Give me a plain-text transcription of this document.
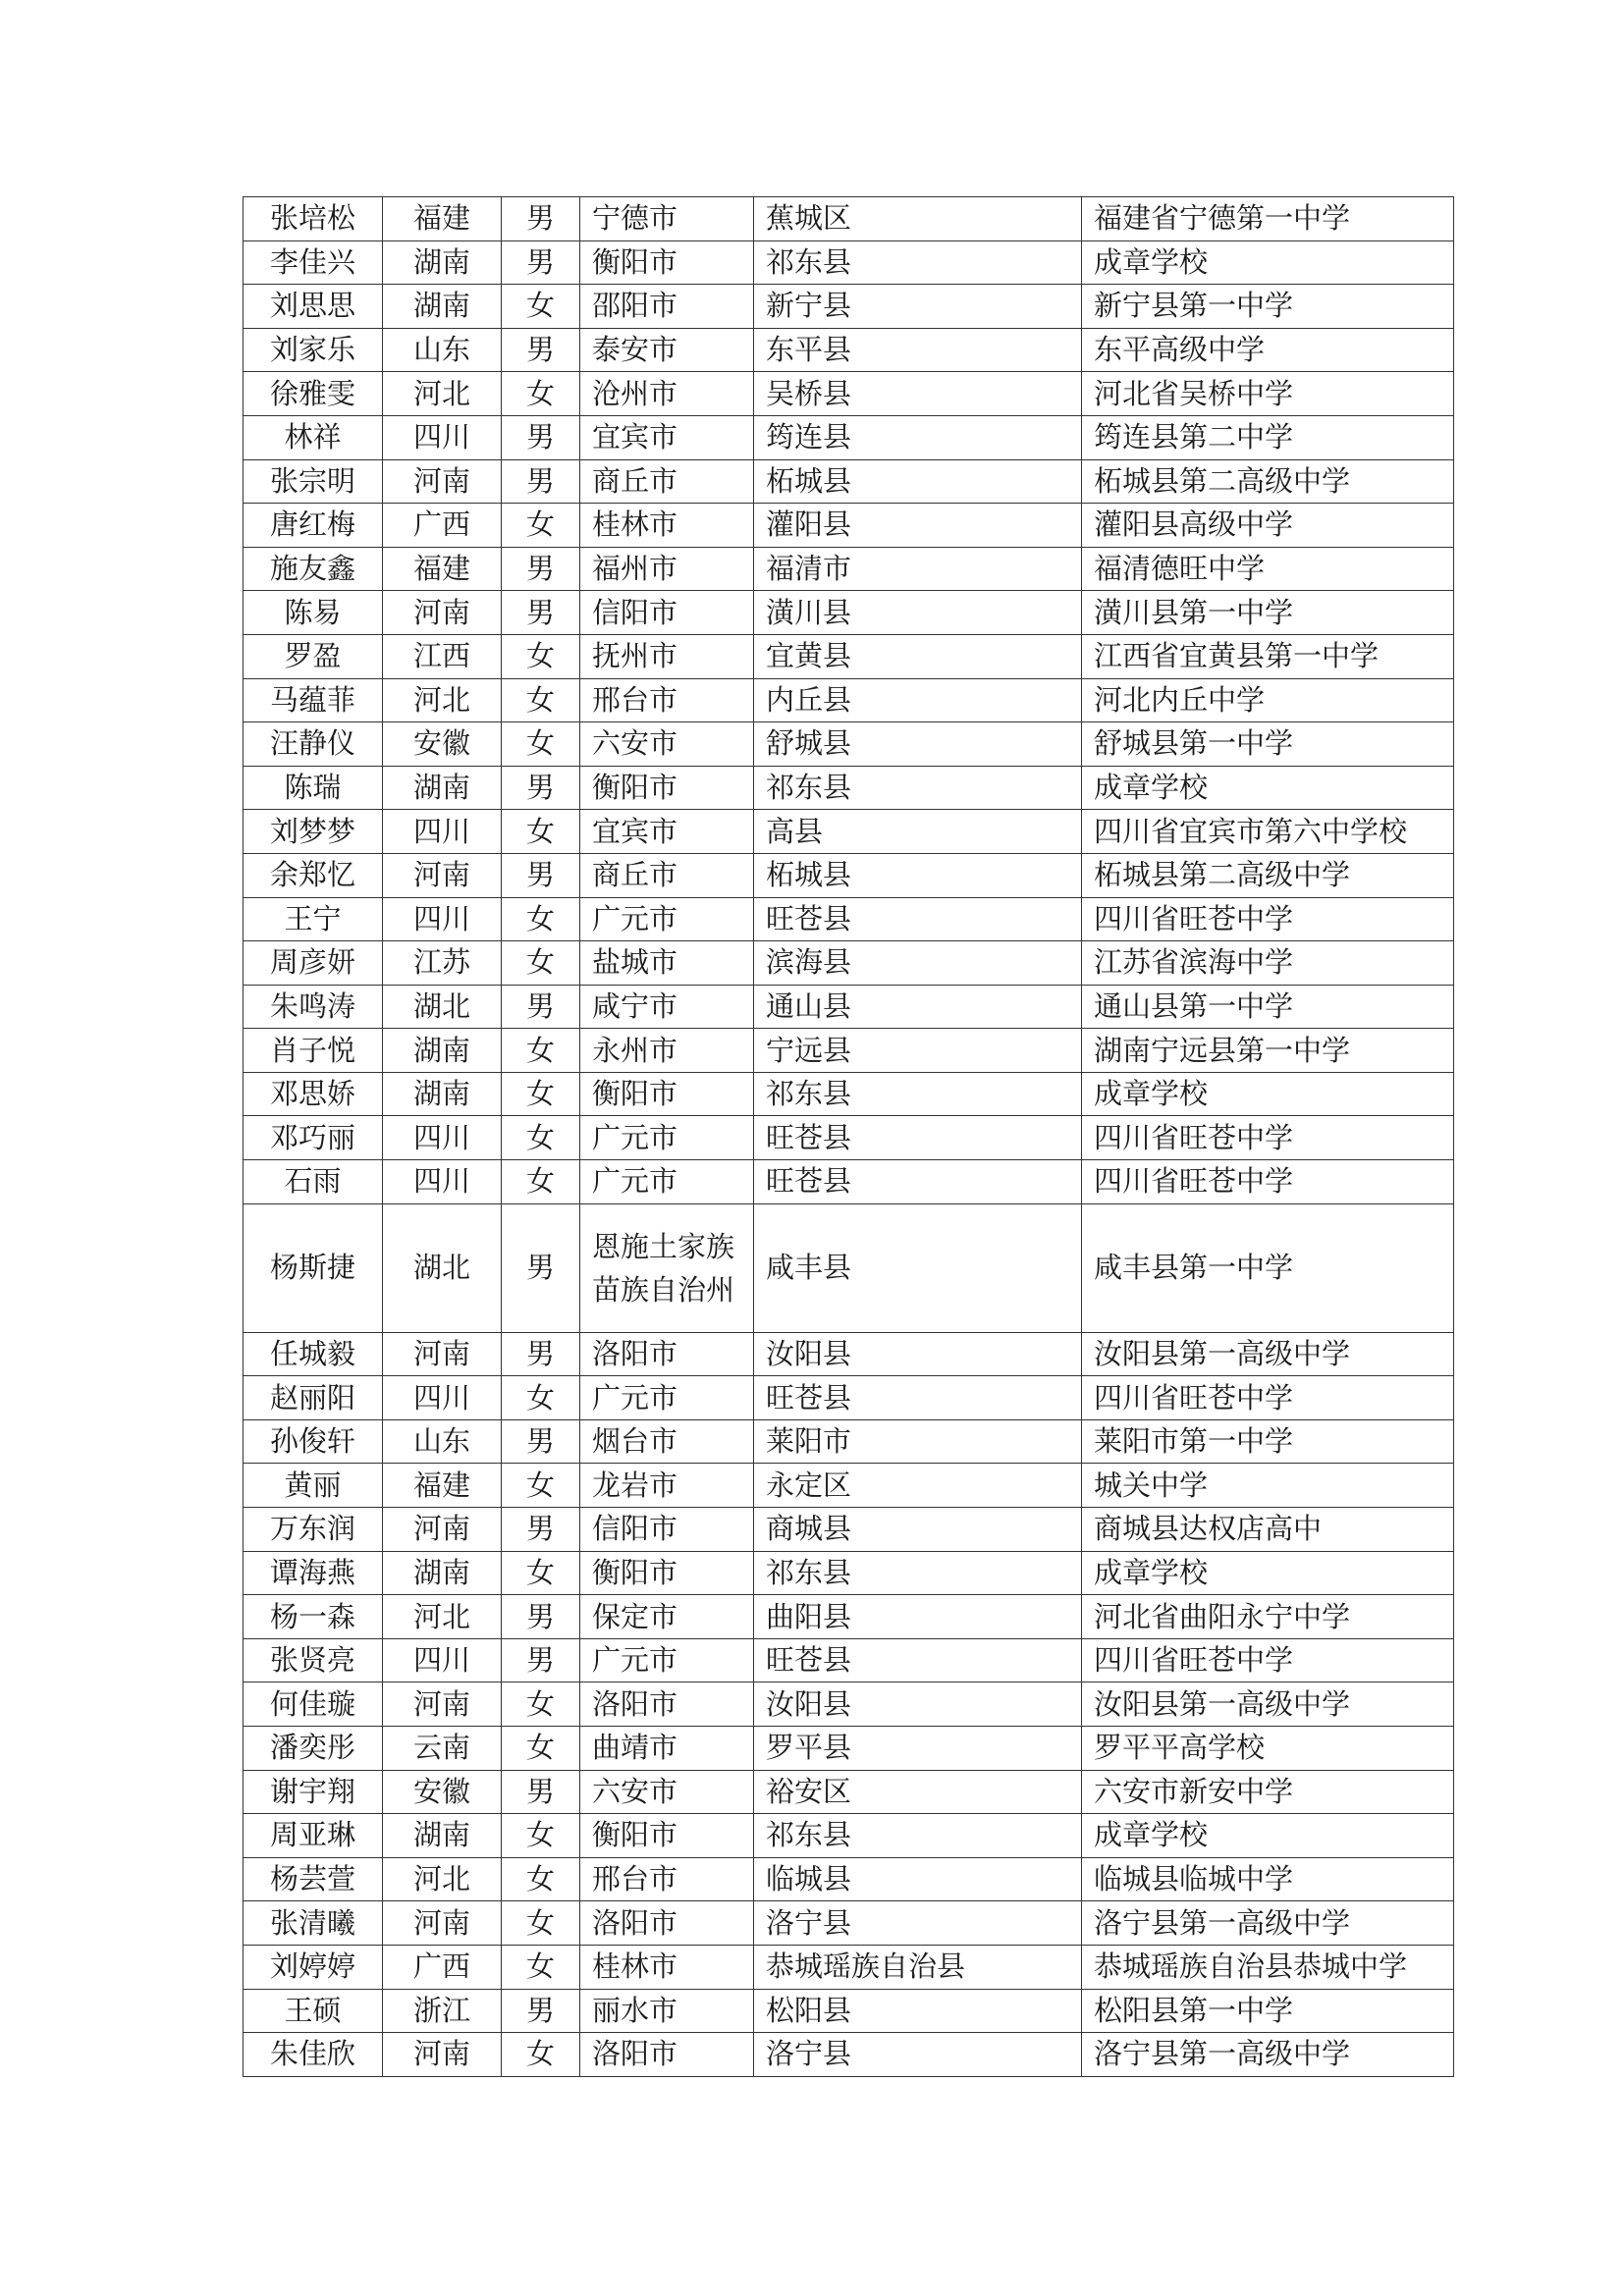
张培松	福建	男	宁德市	蕉城区	福建省宁德第一中学
李佳兴	湖南	男	衡阳市	祁东县	成章学校
刘思思	湖南	女	邵阳市	新宁县	新宁县第一中学
刘家乐	山东	男	泰安市	东平县	东平高级中学
徐雅雯	河北	女	沧州市	吴桥县	河北省吴桥中学
林祥	四川	男	宜宾市	筠连县	筠连县第二中学
张宗明	河南	男	商丘市	柘城县	柘城县第二高级中学
唐红梅	广西	女	桂林市	灌阳县	灌阳县高级中学
施友鑫	福建	男	福州市	福清市	福清德旺中学
陈易	河南	男	信阳市	潢川县	潢川县第一中学
罗盈	江西	女	抚州市	宜黄县	江西省宜黄县第一中学
马蕴菲	河北	女	邢台市	内丘县	河北内丘中学
汪静仪	安徽	女	六安市	舒城县	舒城县第一中学
陈瑞	湖南	男	衡阳市	祁东县	成章学校
刘梦梦	四川	女	宜宾市	高县	四川省宜宾市第六中学校
余郑忆	河南	男	商丘市	柘城县	柘城县第二高级中学
王宁	四川	女	广元市	旺苍县	四川省旺苍中学
周彦妍	江苏	女	盐城市	滨海县	江苏省滨海中学
朱鸣涛	湖北	男	咸宁市	通山县	通山县第一中学
肖子悦	湖南	女	永州市	宁远县	湖南宁远县第一中学
邓思娇	湖南	女	衡阳市	祁东县	成章学校
邓巧丽	四川	女	广元市	旺苍县	四川省旺苍中学
石雨	四川	女	广元市	旺苍县	四川省旺苍中学
杨斯捷	湖北	男	恩施土家族苗族自治州	咸丰县	咸丰县第一中学
任城毅	河南	男	洛阳市	汝阳县	汝阳县第一高级中学
赵丽阳	四川	女	广元市	旺苍县	四川省旺苍中学
孙俊轩	山东	男	烟台市	莱阳市	莱阳市第一中学
黄丽	福建	女	龙岩市	永定区	城关中学
万东润	河南	男	信阳市	商城县	商城县达权店高中
谭海燕	湖南	女	衡阳市	祁东县	成章学校
杨一森	河北	男	保定市	曲阳县	河北省曲阳永宁中学
张贤亮	四川	男	广元市	旺苍县	四川省旺苍中学
何佳璇	河南	女	洛阳市	汝阳县	汝阳县第一高级中学
潘奕彤	云南	女	曲靖市	罗平县	罗平平高学校
谢宇翔	安徽	男	六安市	裕安区	六安市新安中学
周亚琳	湖南	女	衡阳市	祁东县	成章学校
杨芸萱	河北	女	邢台市	临城县	临城县临城中学
张清曦	河南	女	洛阳市	洛宁县	洛宁县第一高级中学
刘婷婷	广西	女	桂林市	恭城瑶族自治县	恭城瑶族自治县恭城中学
王硕	浙江	男	丽水市	松阳县	松阳县第一中学
朱佳欣	河南	女	洛阳市	洛宁县	洛宁县第一高级中学
